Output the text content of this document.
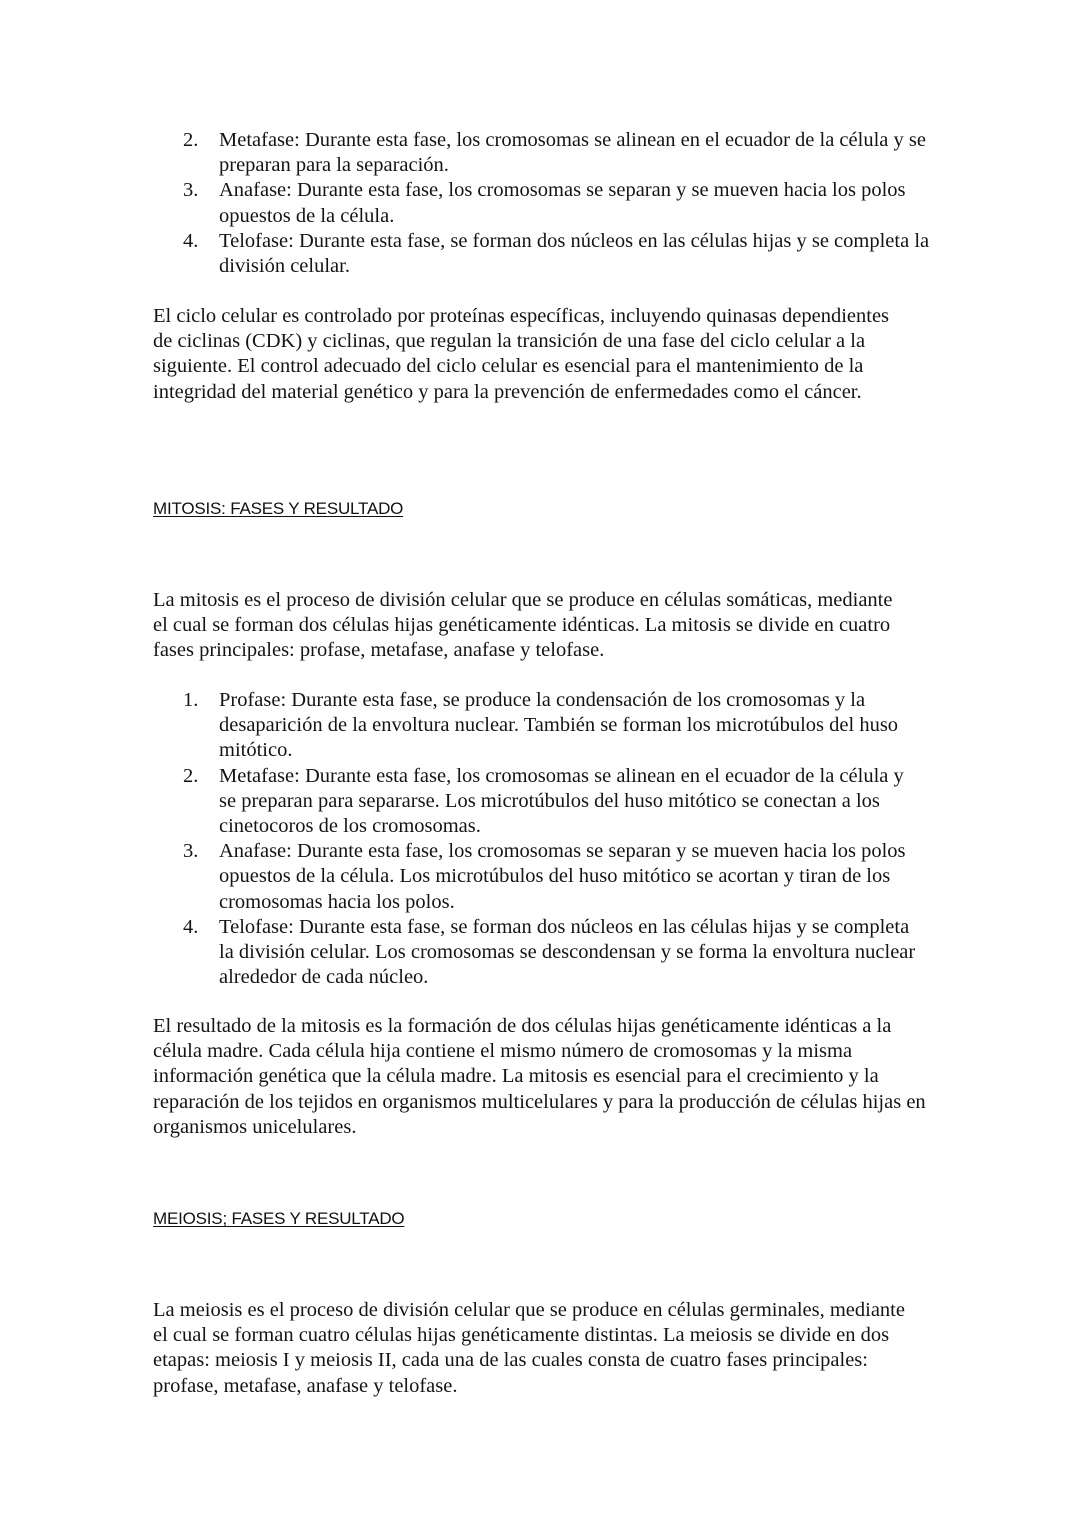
2.	Metafase: Durante esta fase, los cromosomas se alinean en el ecuador de la célula y se preparan para la separación.
3.	Anafase: Durante esta fase, los cromosomas se separan y se mueven hacia los polos opuestos de la célula.
4.	Telofase: Durante esta fase, se forman dos núcleos en las células hijas y se completa la división celular.

El ciclo celular es controlado por proteínas específicas, incluyendo quinasas dependientes de ciclinas (CDK) y ciclinas, que regulan la transición de una fase del ciclo celular a la siguiente. El control adecuado del ciclo celular es esencial para el mantenimiento de la integridad del material genético y para la prevención de enfermedades como el cáncer.

MITOSIS: FASES Y RESULTADO

La mitosis es el proceso de división celular que se produce en células somáticas, mediante el cual se forman dos células hijas genéticamente idénticas. La mitosis se divide en cuatro fases principales: profase, metafase, anafase y telofase.

1.	Profase: Durante esta fase, se produce la condensación de los cromosomas y la desaparición de la envoltura nuclear. También se forman los microtúbulos del huso mitótico.
2.	Metafase: Durante esta fase, los cromosomas se alinean en el ecuador de la célula y se preparan para separarse. Los microtúbulos del huso mitótico se conectan a los cinetocoros de los cromosomas.
3.	Anafase: Durante esta fase, los cromosomas se separan y se mueven hacia los polos opuestos de la célula. Los microtúbulos del huso mitótico se acortan y tiran de los cromosomas hacia los polos.
4.	Telofase: Durante esta fase, se forman dos núcleos en las células hijas y se completa la división celular. Los cromosomas se descondensan y se forma la envoltura nuclear alrededor de cada núcleo.

El resultado de la mitosis es la formación de dos células hijas genéticamente idénticas a la célula madre. Cada célula hija contiene el mismo número de cromosomas y la misma información genética que la célula madre. La mitosis es esencial para el crecimiento y la reparación de los tejidos en organismos multicelulares y para la producción de células hijas en organismos unicelulares.

MEIOSIS; FASES Y RESULTADO

La meiosis es el proceso de división celular que se produce en células germinales, mediante el cual se forman cuatro células hijas genéticamente distintas. La meiosis se divide en dos etapas: meiosis I y meiosis II, cada una de las cuales consta de cuatro fases principales: profase, metafase, anafase y telofase.
